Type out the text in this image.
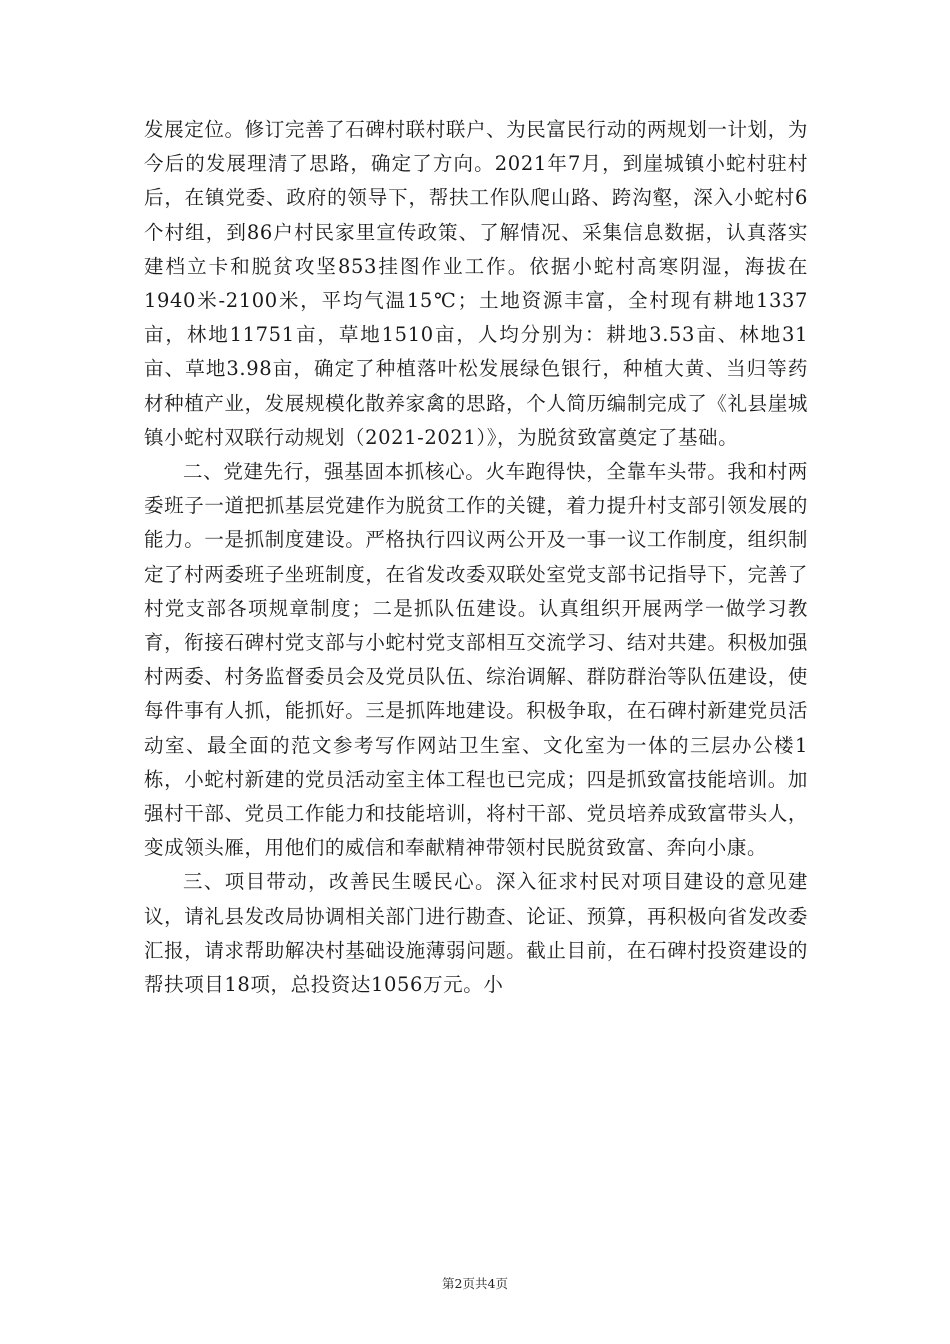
发展定位。修订完善了石碑村联村联户、为民富民行动的两规划一计划，为今后的发展理清了思路，确定了方向。2021年7月，到崖城镇小蛇村驻村后，在镇党委、政府的领导下，帮扶工作队爬山路、跨沟壑，深入小蛇村6个村组，到86户村民家里宣传政策、了解情况、采集信息数据，认真落实建档立卡和脱贫攻坚853挂图作业工作。依据小蛇村高寒阴湿，海拔在1940米-2100米，平均气温15℃；土地资源丰富，全村现有耕地1337亩，林地11751亩，草地1510亩，人均分别为：耕地3.53亩、林地31亩、草地3.98亩，确定了种植落叶松发展绿色银行，种植大黄、当归等药材种植产业，发展规模化散养家禽的思路，个人简历编制完成了《礼县崖城镇小蛇村双联行动规划（2021-2021）》，为脱贫致富奠定了基础。

二、党建先行，强基固本抓核心。火车跑得快，全靠车头带。我和村两委班子一道把抓基层党建作为脱贫工作的关键，着力提升村支部引领发展的能力。一是抓制度建设。严格执行四议两公开及一事一议工作制度，组织制定了村两委班子坐班制度，在省发改委双联处室党支部书记指导下，完善了村党支部各项规章制度；二是抓队伍建设。认真组织开展两学一做学习教育，衔接石碑村党支部与小蛇村党支部相互交流学习、结对共建。积极加强村两委、村务监督委员会及党员队伍、综治调解、群防群治等队伍建设，使每件事有人抓，能抓好。三是抓阵地建设。积极争取，在石碑村新建党员活动室、最全面的范文参考写作网站卫生室、文化室为一体的三层办公楼1栋，小蛇村新建的党员活动室主体工程也已完成；四是抓致富技能培训。加强村干部、党员工作能力和技能培训，将村干部、党员培养成致富带头人，变成领头雁，用他们的威信和奉献精神带领村民脱贫致富、奔向小康。

三、项目带动，改善民生暖民心。深入征求村民对项目建设的意见建议，请礼县发改局协调相关部门进行勘查、论证、预算，再积极向省发改委汇报，请求帮助解决村基础设施薄弱问题。截止目前，在石碑村投资建设的帮扶项目18项，总投资达1056万元。小

第2页共4页
